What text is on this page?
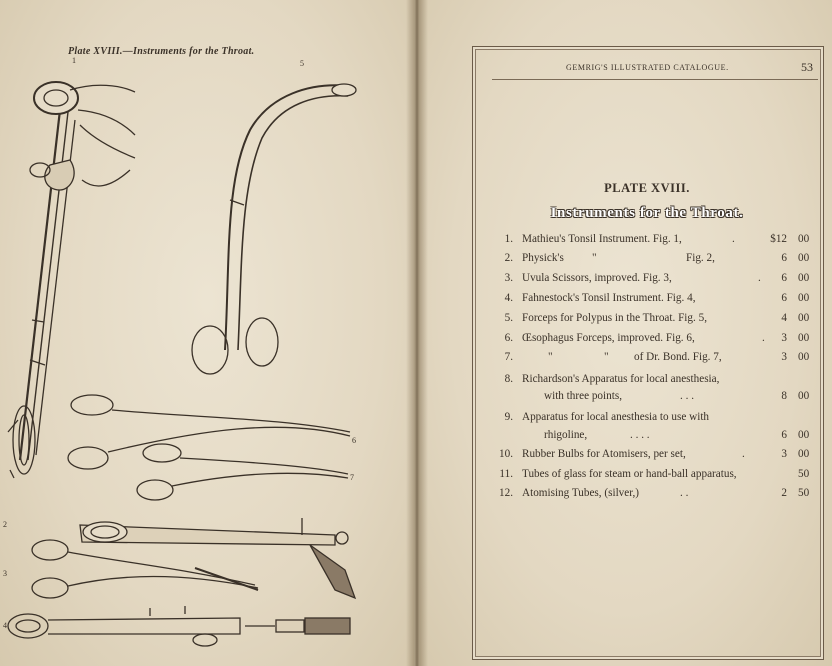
Plate XVIII.—Instruments for the Throat.
1	5
6
7
2
3
4
GEMRIG'S ILLUSTRATED CATALOGUE.	53
PLATE XVIII.
Instruments for the Throat.
1. Mathieu's Tonsil Instrument. Fig. 1,	.	$12 00
2. Physick's	"	Fig. 2,	6 00
3. Uvula Scissors, improved. Fig. 3,	.	6 00
4. Fahnestock's Tonsil Instrument. Fig. 4,	6 00
5. Forceps for Polypus in the Throat. Fig. 5,	4 00
6. Œsophagus Forceps, improved. Fig. 6,	.	3 00
7.	"	" of Dr. Bond. Fig. 7,	3 00
8. Richardson's Apparatus for local anesthesia,
with three points,	. . .	8 00
9. Apparatus for local anesthesia to use with
rhigoline,	. . . .	6 00
10. Rubber Bulbs for Atomisers, per set,	.	3 00
11. Tubes of glass for steam or hand-ball apparatus,	50
12. Atomising Tubes, (silver,)	. .	2 50
